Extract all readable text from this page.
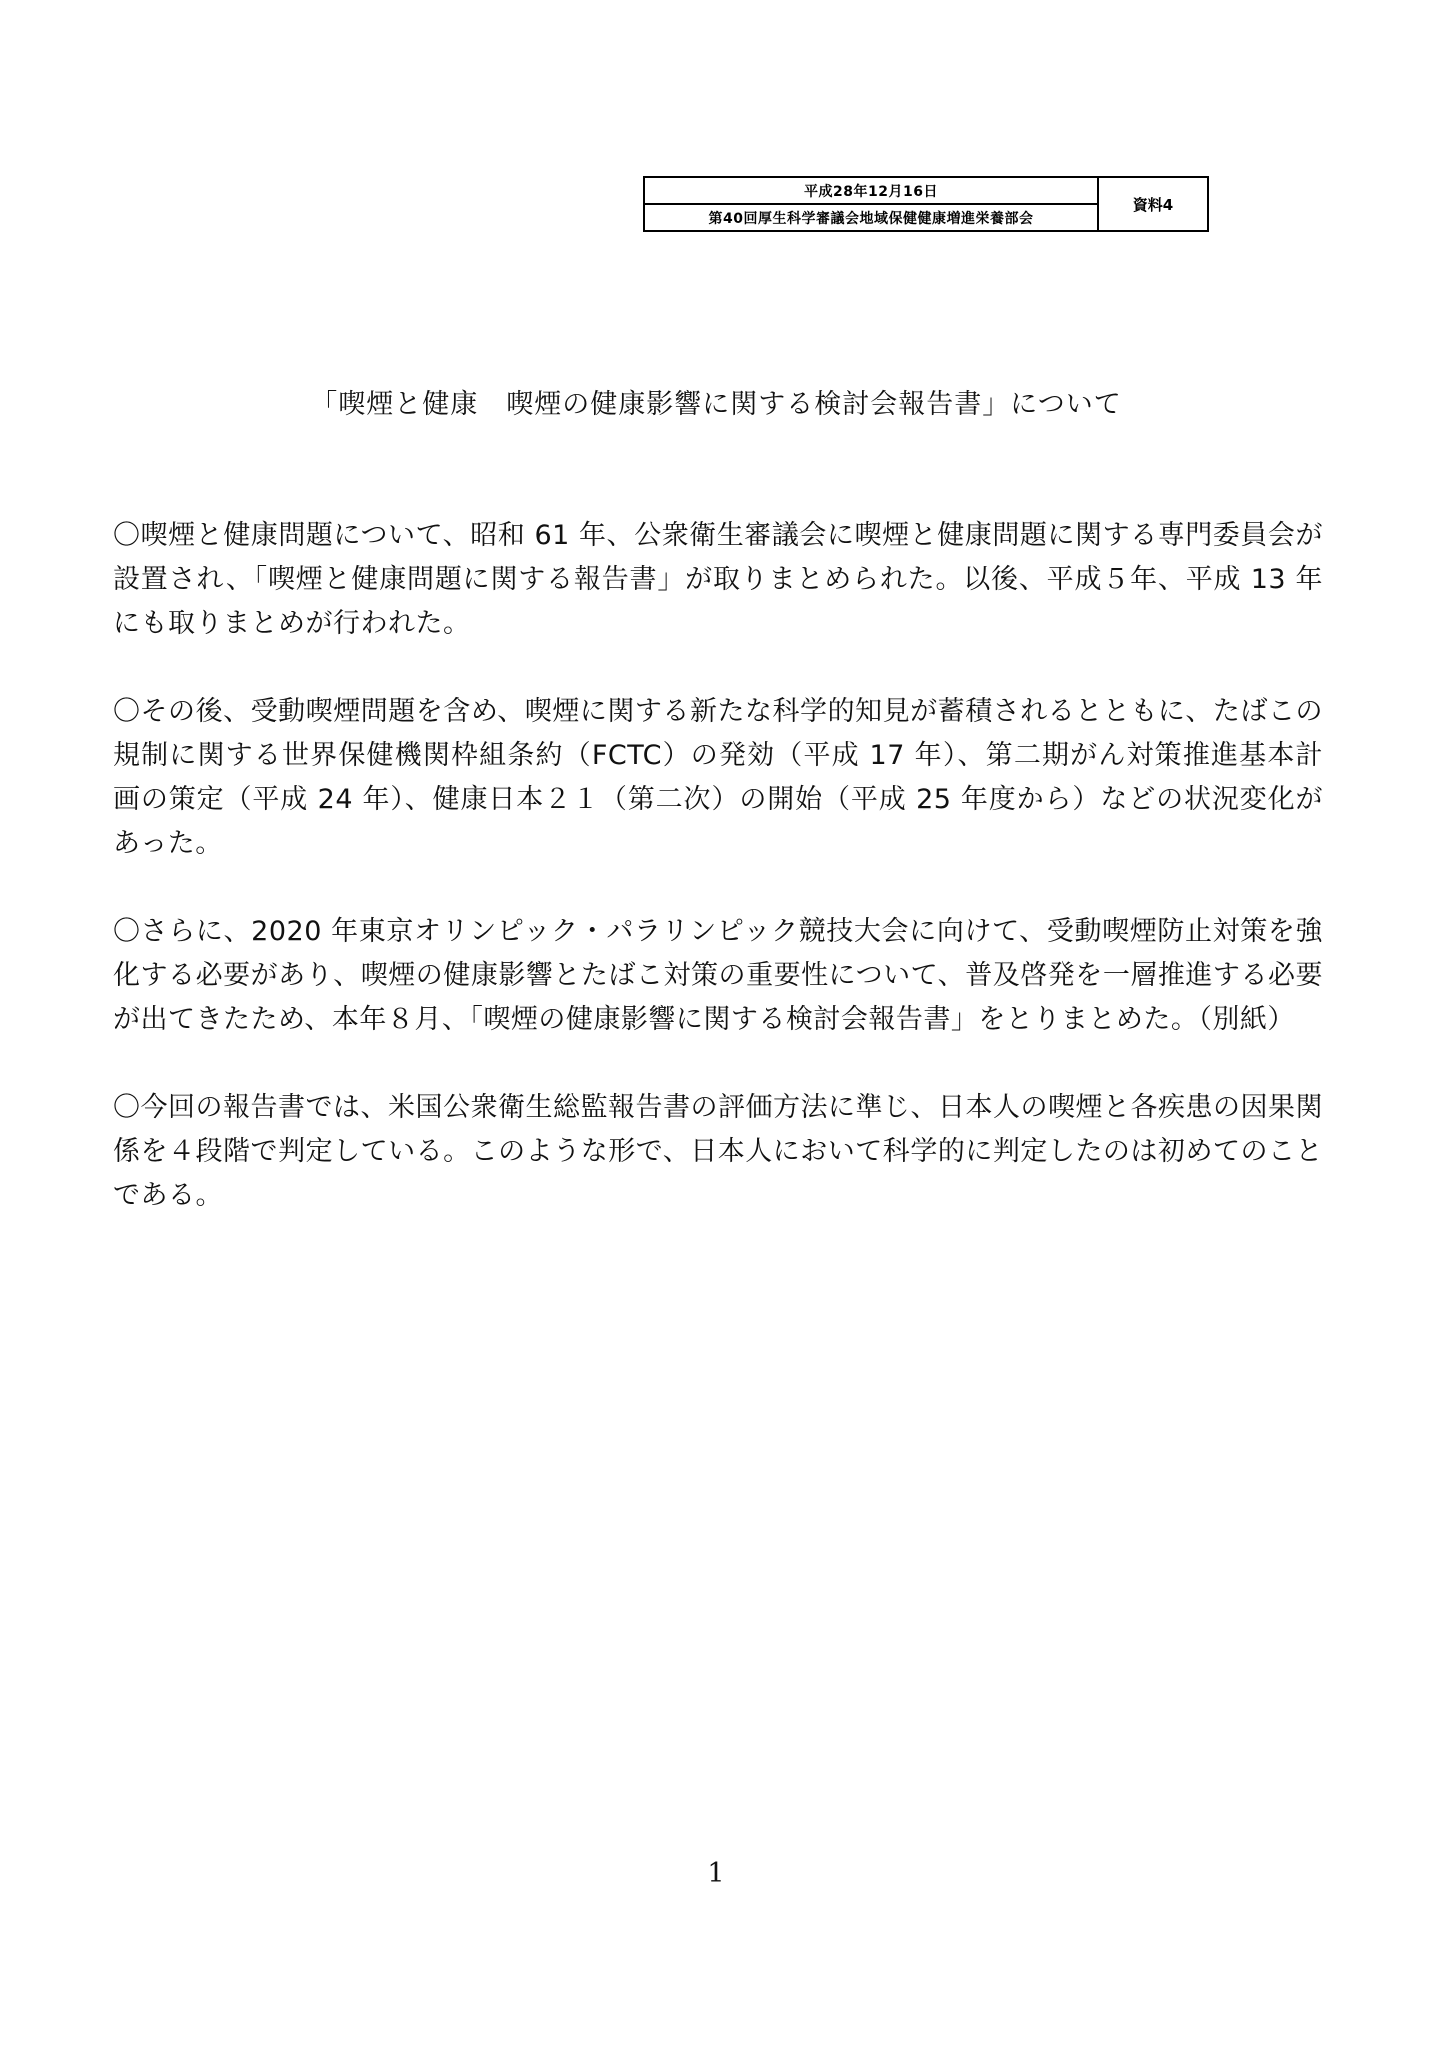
平成28年12月16日
第40回厚生科学審議会地域保健健康増進栄養部会
資料4
「喫煙と健康　喫煙の健康影響に関する検討会報告書」について

〇喫煙と健康問題について、昭和 61 年、公衆衛生審議会に喫煙と健康問題に関する専門委員会が設置され、「喫煙と健康問題に関する報告書」が取りまとめられた。以後、平成５年、平成 13 年にも取りまとめが行われた。

〇その後、受動喫煙問題を含め、喫煙に関する新たな科学的知見が蓄積されるとともに、たばこの規制に関する世界保健機関枠組条約（FCTC）の発効（平成 17 年）、第二期がん対策推進基本計画の策定（平成 24 年）、健康日本２１（第二次）の開始（平成 25 年度から）などの状況変化があった。

〇さらに、2020 年東京オリンピック・パラリンピック競技大会に向けて、受動喫煙防止対策を強化する必要があり、喫煙の健康影響とたばこ対策の重要性について、普及啓発を一層推進する必要が出てきたため、本年８月、「喫煙の健康影響に関する検討会報告書」をとりまとめた。（別紙）

〇今回の報告書では、米国公衆衛生総監報告書の評価方法に準じ、日本人の喫煙と各疾患の因果関係を４段階で判定している。このような形で、日本人において科学的に判定したのは初めてのことである。

1
